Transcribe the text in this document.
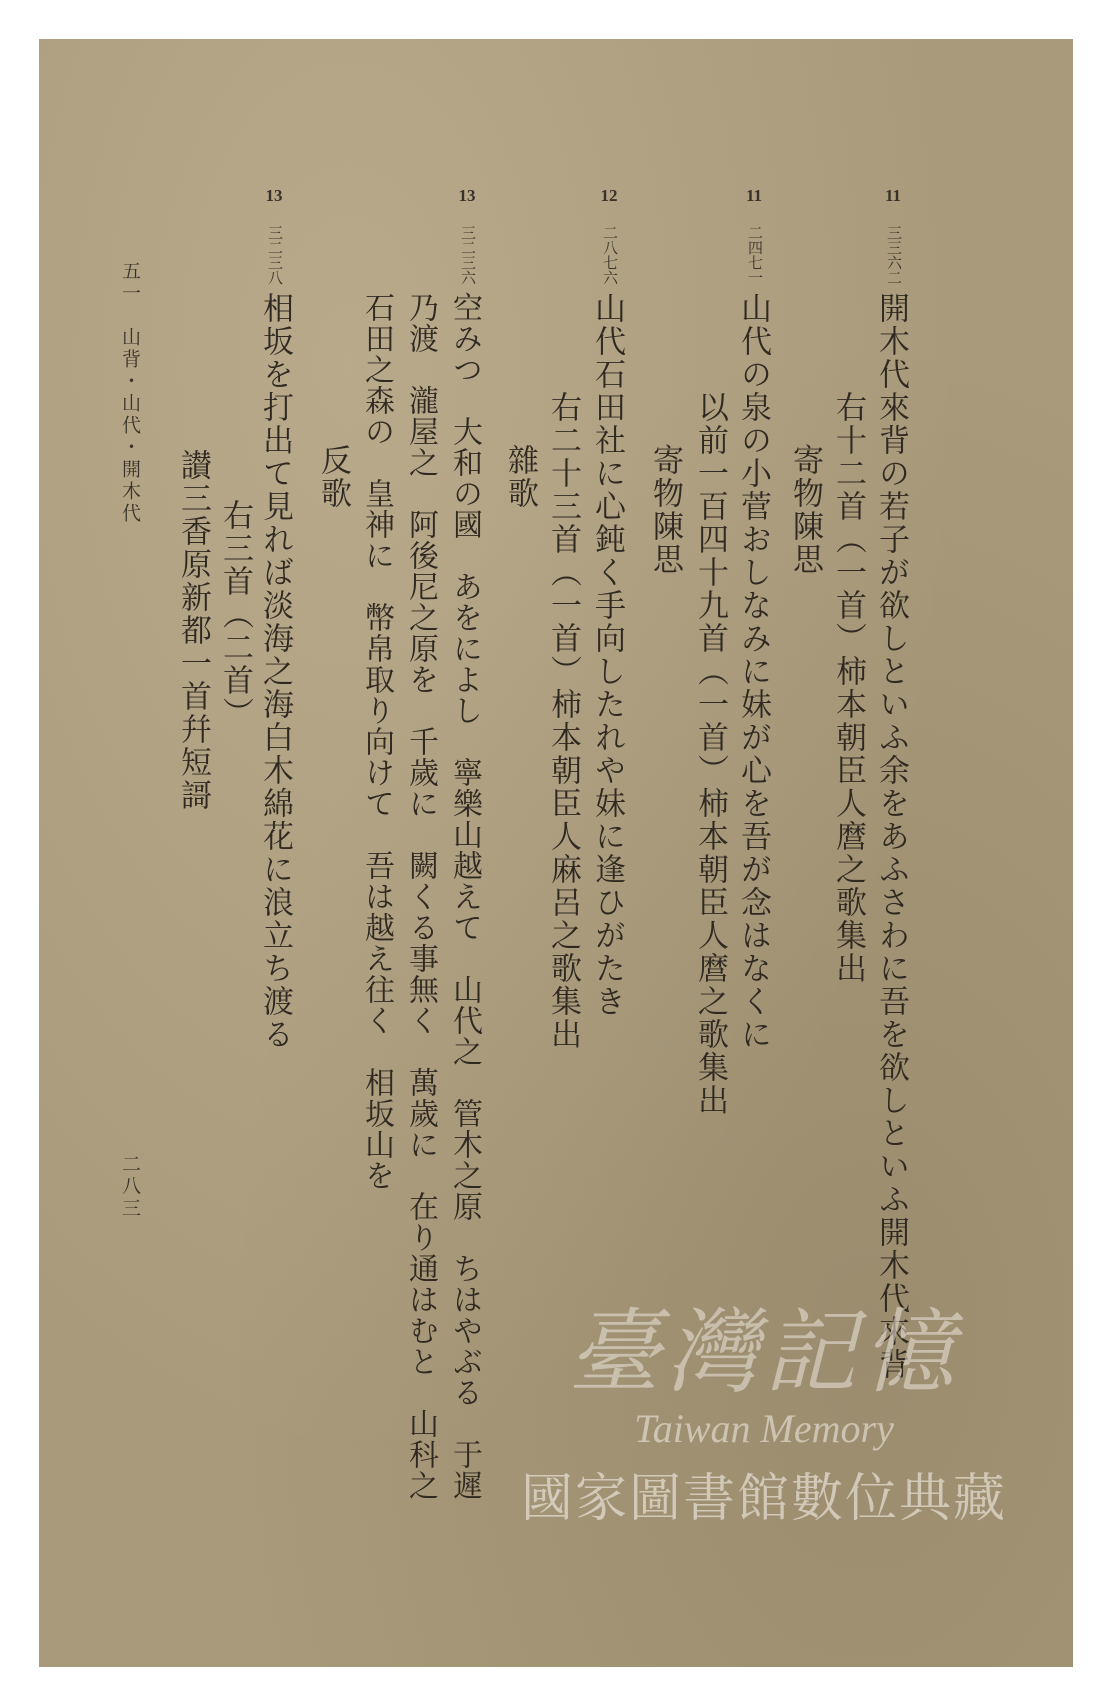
11
三三六二
11
二四七一
12
二八七六
13
三二三六
13
三二三八
開木代來背の若子が欲しといふ余をあふさわに吾を欲しといふ開木代來背
右十二首（一首）柿本朝臣人麿之歌集出
寄物陳思
山代の泉の小菅おしなみに妹が心を吾が念はなくに
以前一百四十九首（一首）柿本朝臣人麿之歌集出
寄物陳思
山代石田社に心鈍く手向したれや妹に逢ひがたき
右二十三首（一首）柿本朝臣人麻呂之歌集出
雜歌
空みつ　大和の國　あをによし　寧樂山越えて　山代之　管木之原　ちはやぶる　于遲
乃渡　瀧屋之　阿後尼之原を　千歲に　闕くる事無く　萬歲に　在り通はむと　山科之
石田之森の　皇神に　幣帛取り向けて　吾は越え往く　相坂山を
反歌
相坂を打出て見れば淡海之海白木綿花に浪立ち渡る
右三首（二首）
讃三香原新都一首幷短謌
五一　山背・山代・開木代
二八三
臺灣記憶
Taiwan Memory
國家圖書館數位典藏
